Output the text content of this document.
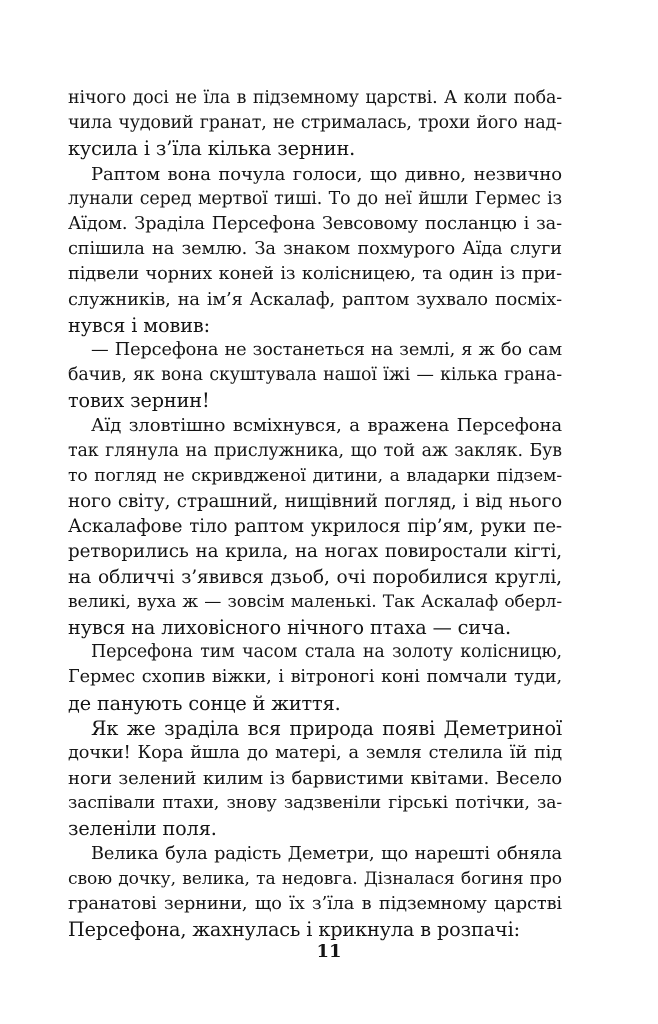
нічого досі не їла в підземному царстві. А коли поба-
чила чудовий гранат, не стрималась, трохи його над-
кусила і з’їла кілька зернин.
Раптом вона почула голоси, що дивно, незвично
лунали серед мертвої тиші. То до неї йшли Гермес із
Аїдом. Зраділа Персефона Зевсовому посланцю і за-
спішила на землю. За знаком похмурого Аїда слуги
підвели чорних коней із колісницею, та один із при-
служників, на ім’я Аскалаф, раптом зухвало посміх-
нувся і мовив:
— Персефона не зостанеться на землі, я ж бо сам
бачив, як вона скуштувала нашої їжі — кілька грана-
тових зернин!
Аїд зловтішно всміхнувся, а вражена Персефона
так глянула на прислужника, що той аж закляк. Був
то погляд не скривдженої дитини, а владарки підзем-
ного світу, страшний, нищівний погляд, і від нього
Аскалафове тіло раптом укрилося пір’ям, руки пе-
ретворились на крила, на ногах повиростали кігті,
на обличчі з’явився дзьоб, очі поробилися круглі,
великі, вуха ж — зовсім маленькі. Так Аскалаф оберл-
нувся на лиховісного нічного птаха — сича.
Персефона тим часом стала на золоту колісницю,
Гермес схопив віжки, і вітроногі коні помчали туди,
де панують сонце й життя.
Як же зраділа вся природа появі Деметриної
дочки! Кора йшла до матері, а земля стелила їй під
ноги зелений килим із барвистими квітами. Весело
заспівали птахи, знову задзвеніли гірські потічки, за-
зеленіли поля.
Велика була радість Деметри, що нарешті обняла
свою дочку, велика, та недовга. Дізналася богиня про
гранатові зернини, що їх з’їла в підземному царстві
Персефона, жахнулась і крикнула в розпачі:
11
